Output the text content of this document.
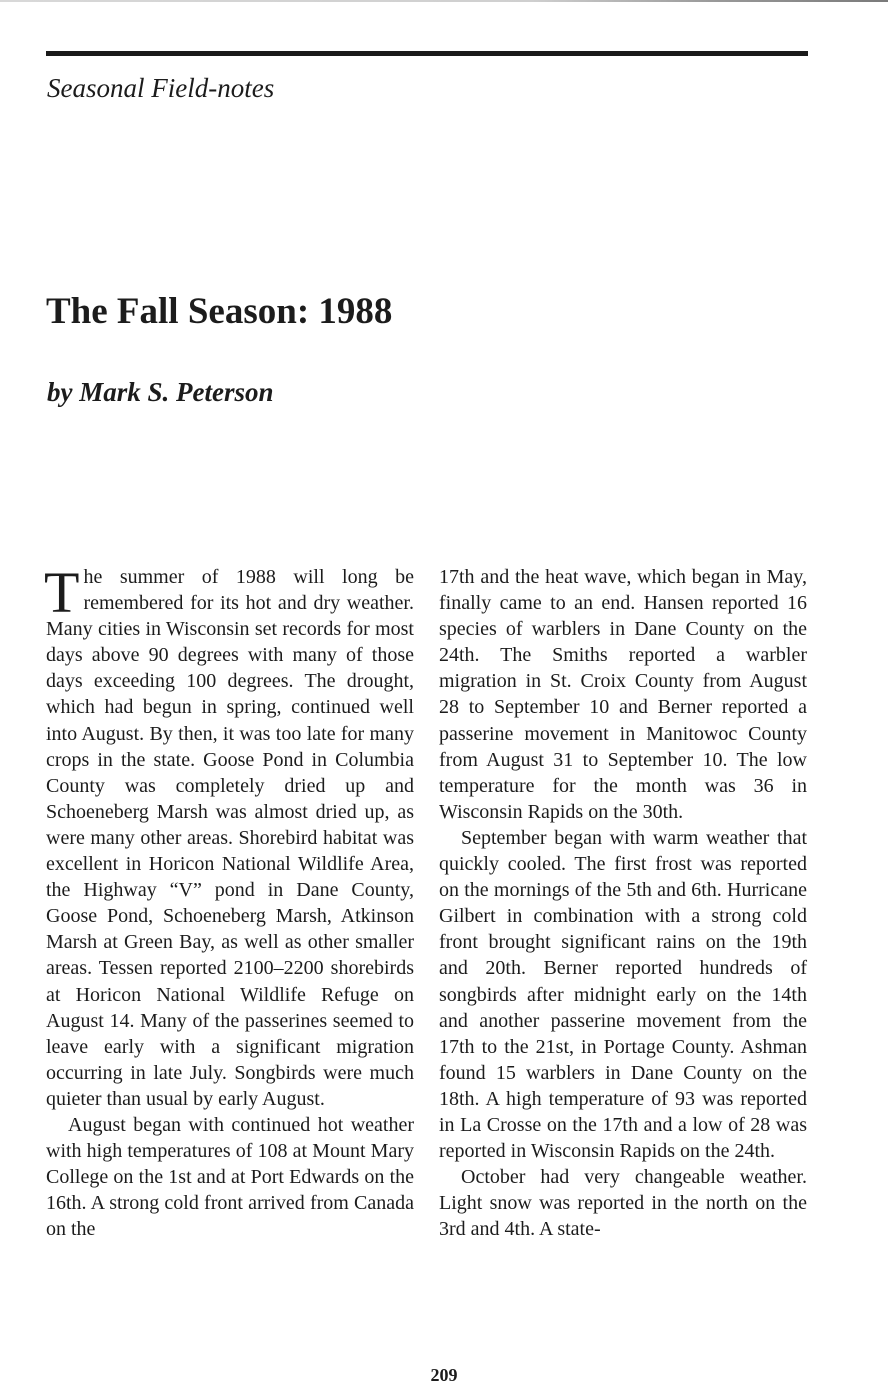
Seasonal Field-notes
The Fall Season: 1988
by Mark S. Peterson

The summer of 1988 will long be remembered for its hot and dry weather. Many cities in Wisconsin set records for most days above 90 degrees with many of those days exceeding 100 degrees. The drought, which had begun in spring, continued well into August. By then, it was too late for many crops in the state. Goose Pond in Columbia County was completely dried up and Schoeneberg Marsh was almost dried up, as were many other areas. Shorebird habitat was excellent in Horicon National Wildlife Area, the Highway “V” pond in Dane County, Goose Pond, Schoeneberg Marsh, Atkinson Marsh at Green Bay, as well as other smaller areas. Tessen reported 2100–2200 shorebirds at Horicon National Wildlife Refuge on August 14. Many of the passerines seemed to leave early with a significant migration occurring in late July. Songbirds were much quieter than usual by early August.

August began with continued hot weather with high temperatures of 108 at Mount Mary College on the 1st and at Port Edwards on the 16th. A strong cold front arrived from Canada on the

17th and the heat wave, which began in May, finally came to an end. Hansen reported 16 species of warblers in Dane County on the 24th. The Smiths reported a warbler migration in St. Croix County from August 28 to September 10 and Berner reported a passerine movement in Manitowoc County from August 31 to September 10. The low temperature for the month was 36 in Wisconsin Rapids on the 30th.

September began with warm weather that quickly cooled. The first frost was reported on the mornings of the 5th and 6th. Hurricane Gilbert in combination with a strong cold front brought significant rains on the 19th and 20th. Berner reported hundreds of songbirds after midnight early on the 14th and another passerine movement from the 17th to the 21st, in Portage County. Ashman found 15 warblers in Dane County on the 18th. A high temperature of 93 was reported in La Crosse on the 17th and a low of 28 was reported in Wisconsin Rapids on the 24th.

October had very changeable weather. Light snow was reported in the north on the 3rd and 4th. A state-

209
